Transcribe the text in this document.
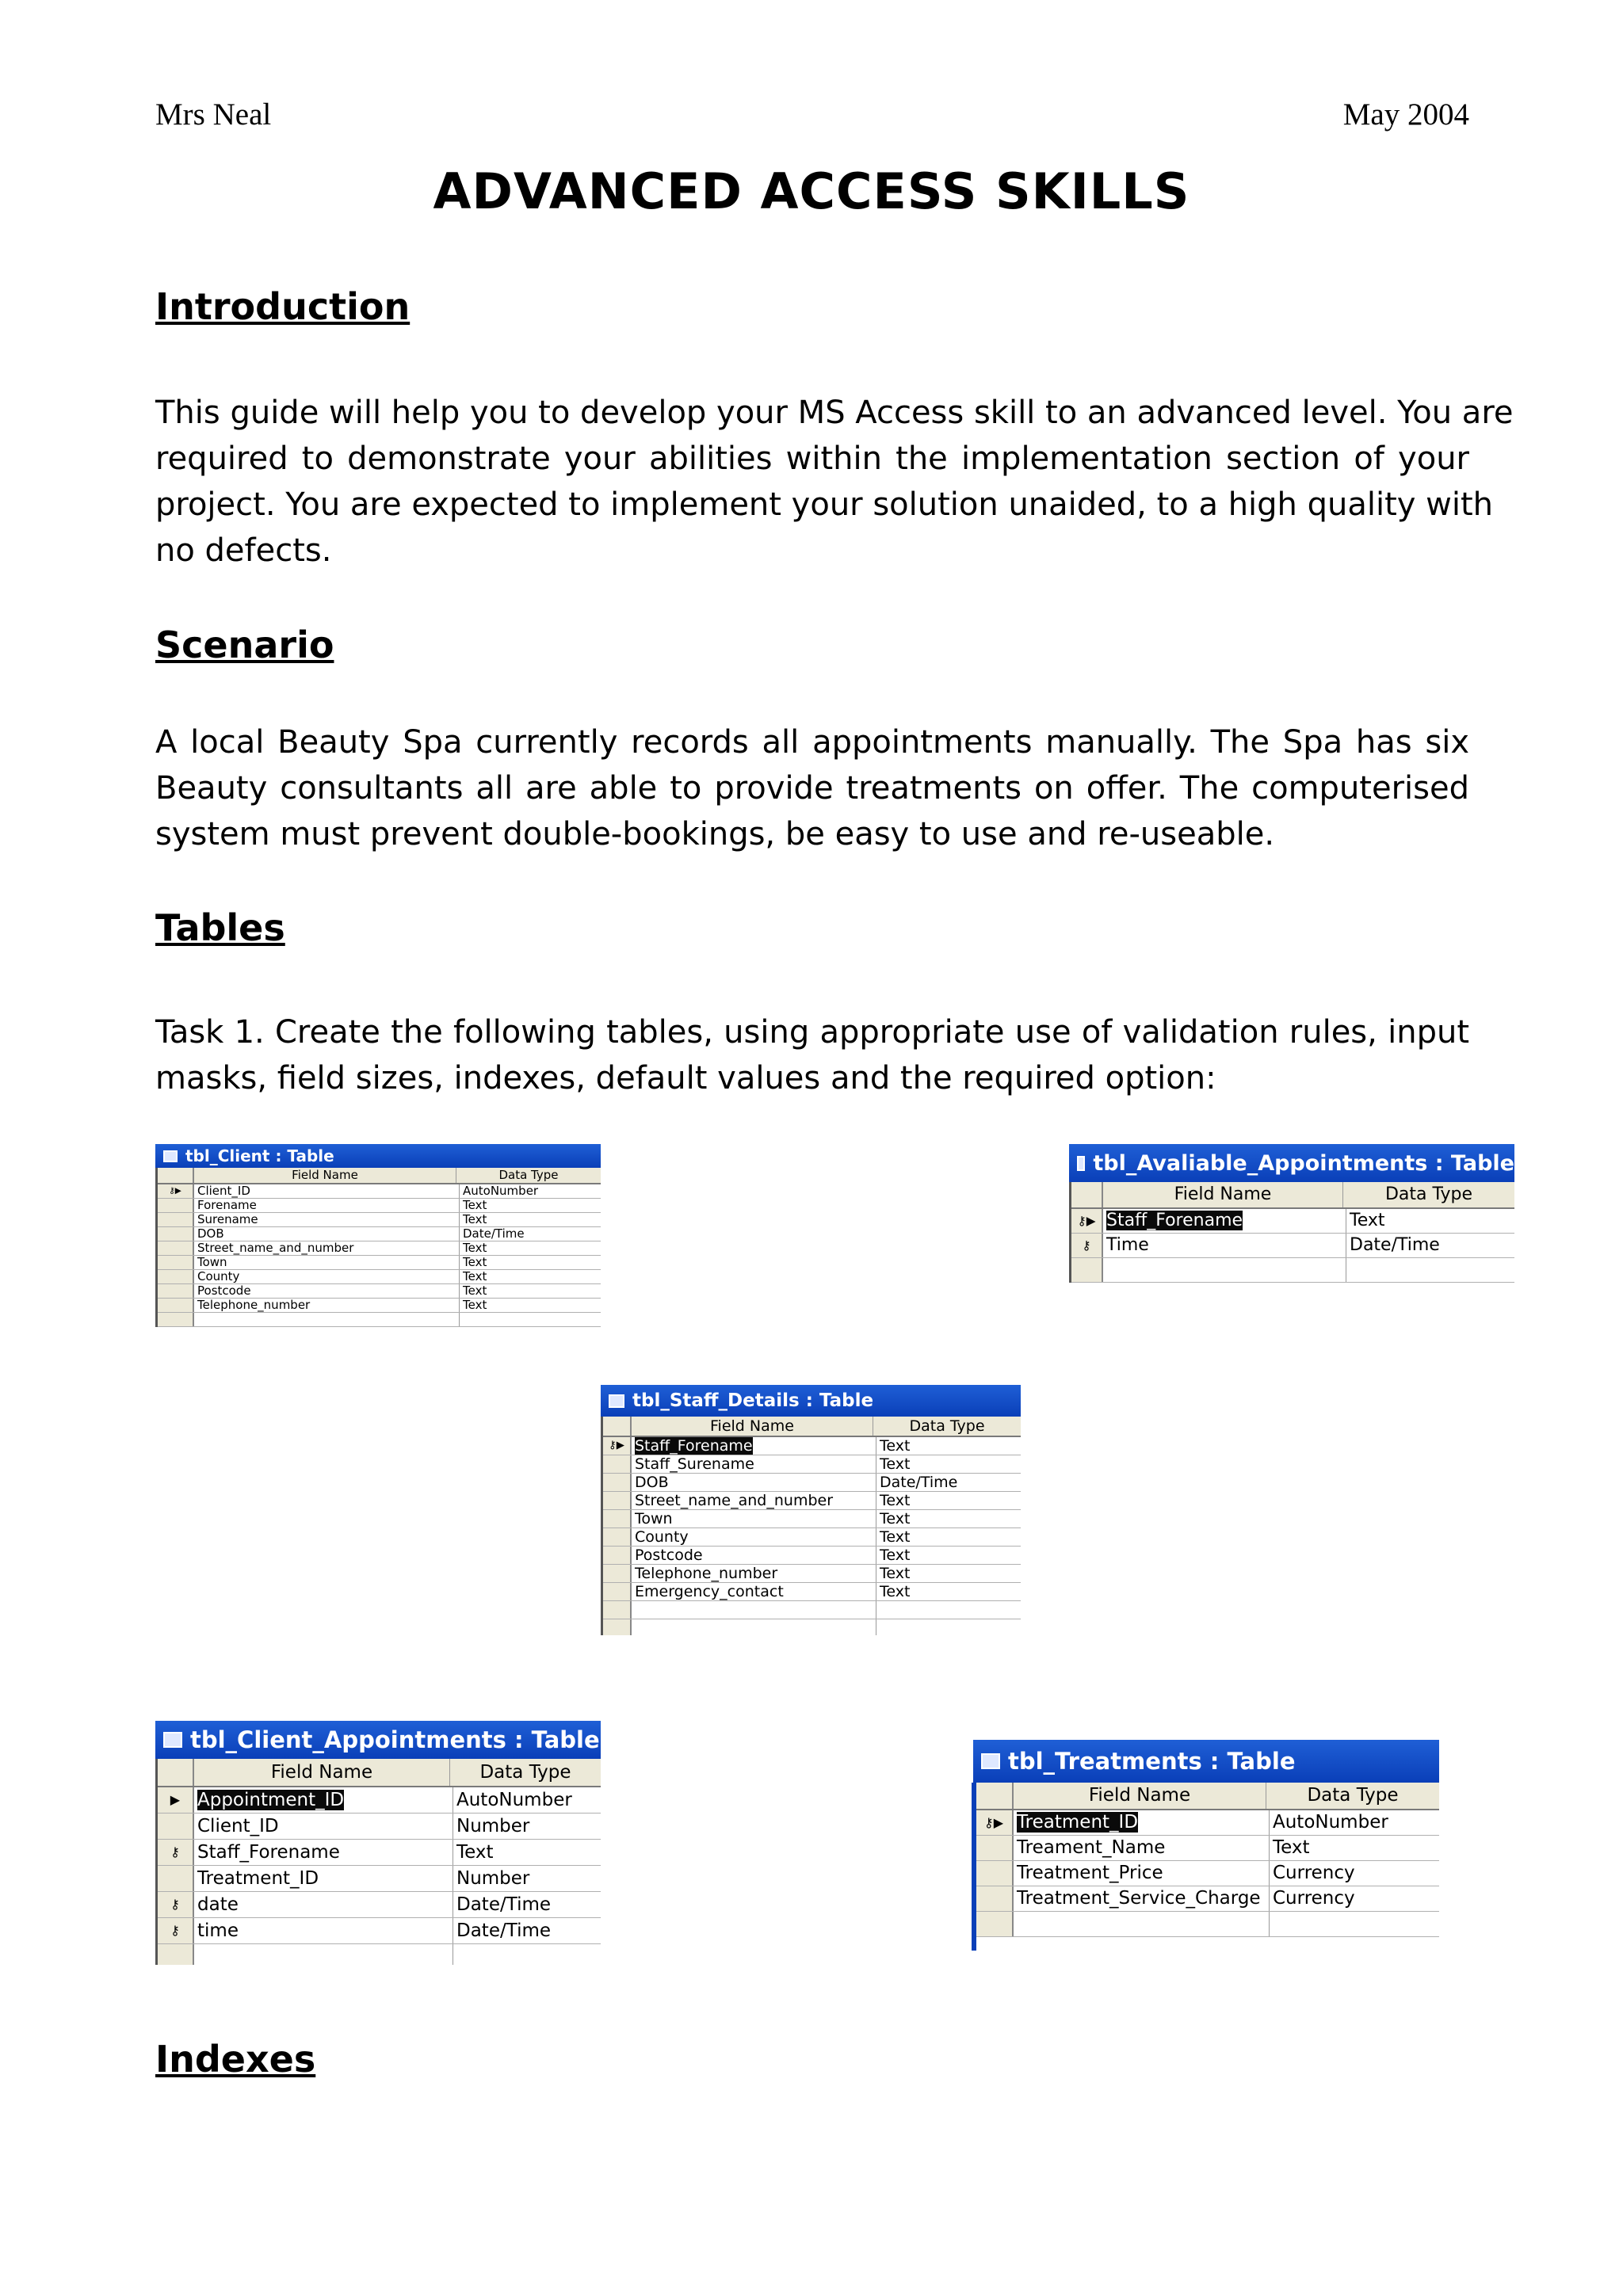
Mrs Neal	May 2004
ADVANCED ACCESS SKILLS
Introduction
This guide will help you to develop your MS Access skill to an advanced level. You are
required to demonstrate your abilities within the implementation section of your
project. You are expected to implement your solution unaided, to a high quality with
no defects.
Scenario
A local Beauty Spa currently records all appointments manually. The Spa has six
Beauty consultants all are able to provide treatments on offer. The computerised
system must prevent double-bookings, be easy to use and re-useable.
Tables
Task 1. Create the following tables, using appropriate use of validation rules, input
masks, field sizes, indexes, default values and the required option:
tbl_Client : Table
Field Name	Data Type
⚷▶	Client_ID	AutoNumber
Forename	Text
Surename	Text
DOB	Date/Time
Street_name_and_number	Text
Town	Text
County	Text
Postcode	Text
Telephone_number	Text
tbl_Avaliable_Appointments : Table
Field Name	Data Type
⚷▶ Staff_Forename	Text
⚷ Time	Date/Time
tbl_Staff_Details : Table
Field Name	Data Type
⚷▶ Staff_Forename	Text
Staff_Surename	Text
DOB	Date/Time
Street_name_and_number	Text
Town	Text
County	Text
Postcode	Text
Telephone_number	Text
Emergency_contact	Text
tbl_Client_Appointments : Table
Field Name	Data Type
▶ Appointment_ID	AutoNumber
Client_ID	Number
⚷ Staff_Forename	Text
Treatment_ID	Number
⚷ date	Date/Time
⚷ time	Date/Time
tbl_Treatments : Table
Field Name	Data Type
⚷▶ Treatment_ID	AutoNumber
Treament_Name	Text
Treatment_Price	Currency
Treatment_Service_Charge Currency
Indexes
